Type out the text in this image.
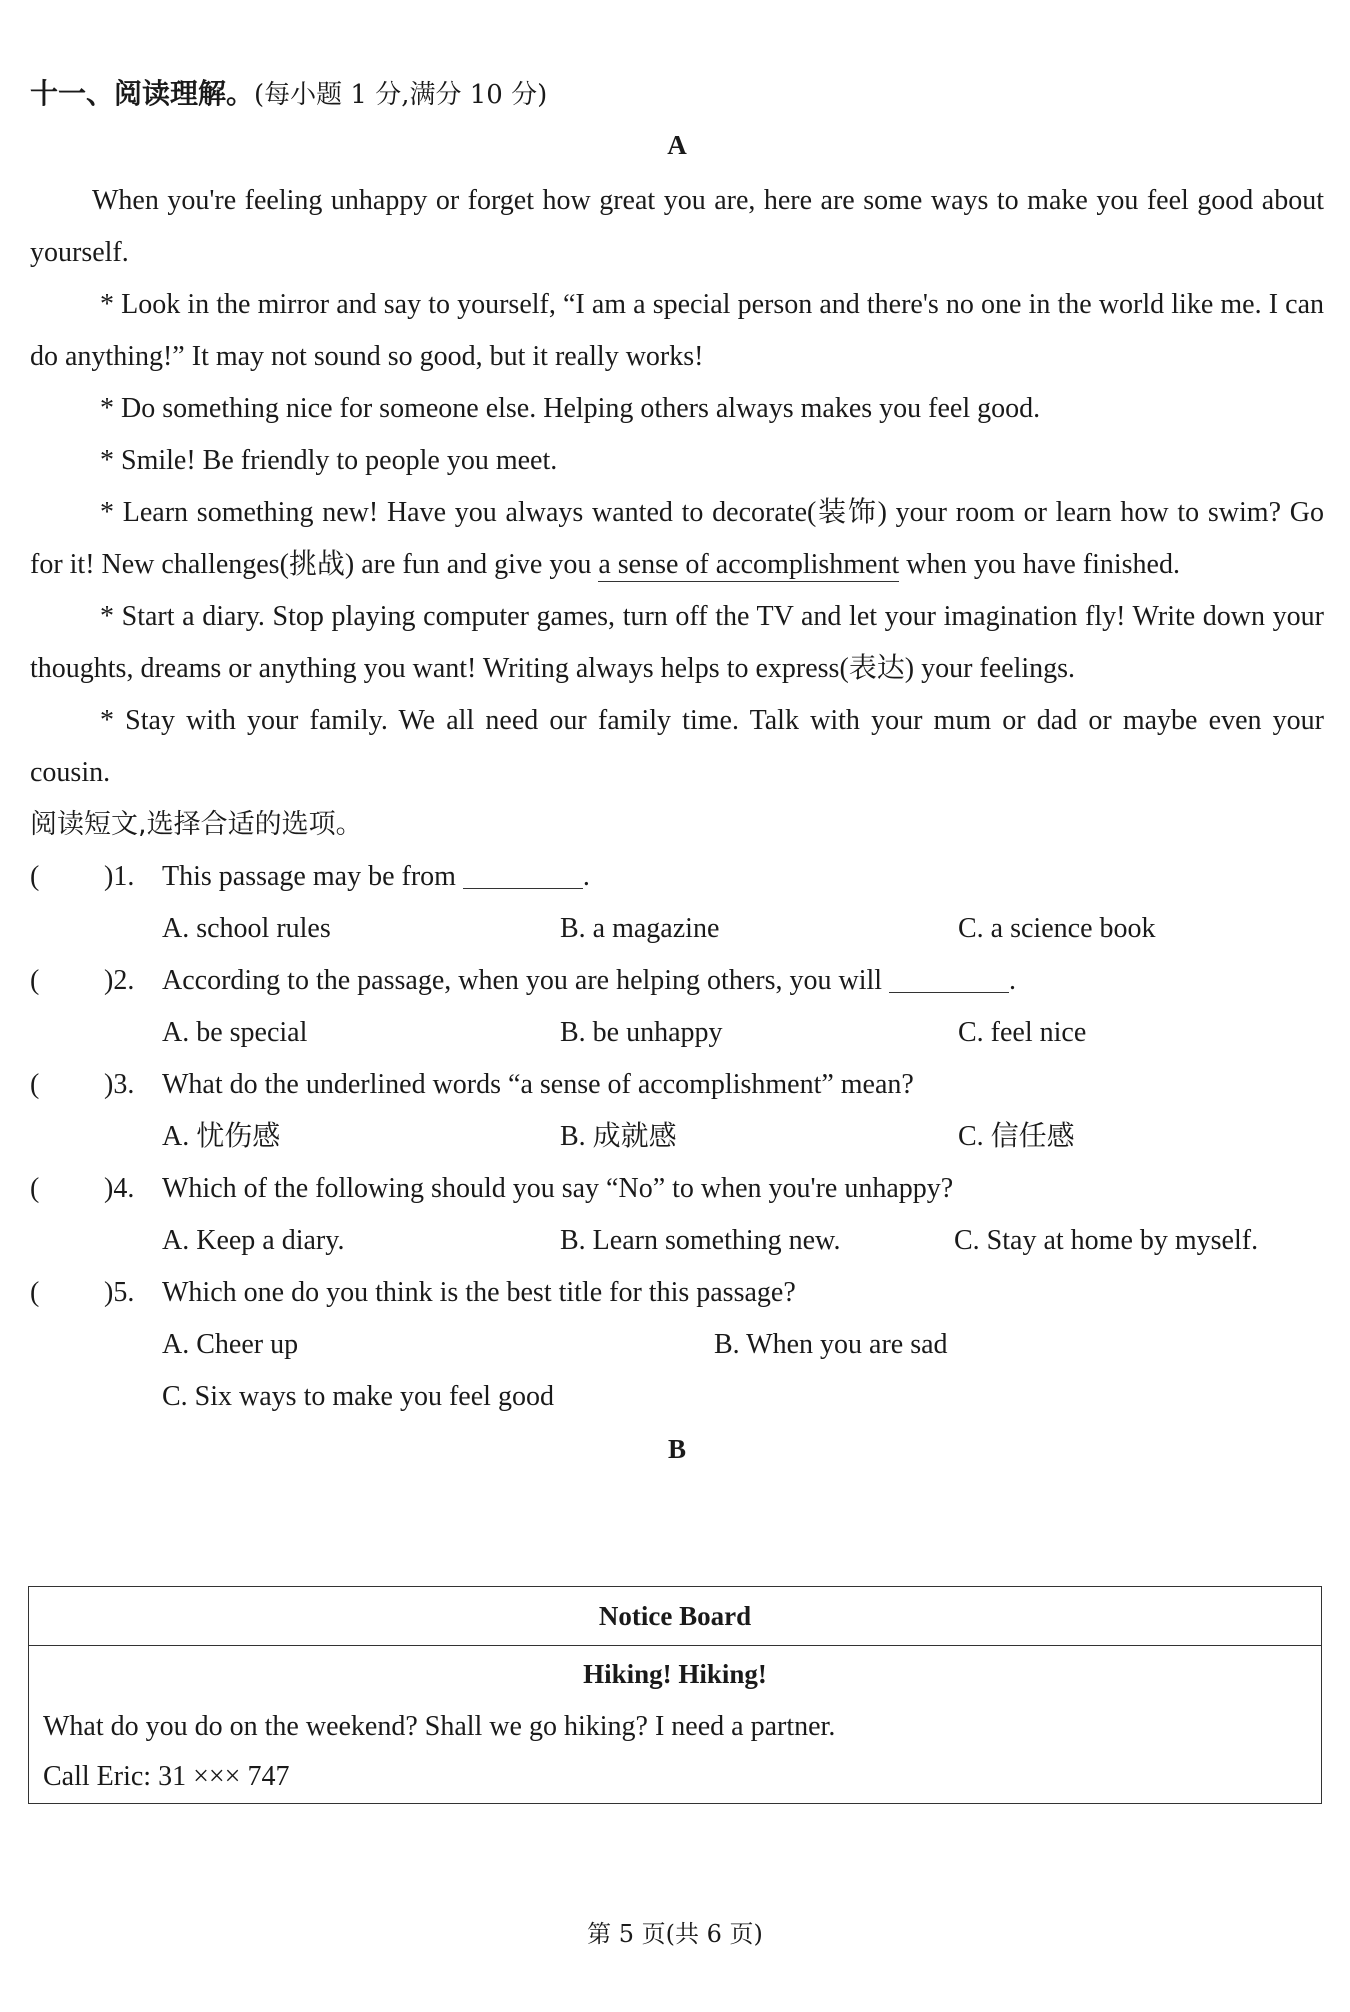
十一、阅读理解。(每小题 1 分,满分 10 分)
A

When you're feeling unhappy or forget how great you are, here are some ways to make you feel good about yourself.

* Look in the mirror and say to yourself, “I am a special person and there's no one in the world like me. I can do anything!” It may not sound so good, but it really works!

* Do something nice for someone else. Helping others always makes you feel good.

* Smile! Be friendly to people you meet.

* Learn something new! Have you always wanted to decorate(装饰) your room or learn how to swim? Go for it! New challenges(挑战) are fun and give you a sense of accomplishment when you have finished.

* Start a diary. Stop playing computer games, turn off the TV and let your imagination fly! Write down your thoughts, dreams or anything you want! Writing always helps to express(表达) your feelings.

* Stay with your family. We all need our family time. Talk with your mum or dad or maybe even your cousin.

阅读短文,选择合适的选项。
( )1. This passage may be from	.
A. school rules	B. a magazine	C. a science book
( )2. According to the passage, when you are helping others, you will	.
A. be special	B. be unhappy	C. feel nice
( )3. What do the underlined words “a sense of accomplishment” mean?
A. 忧伤感	B. 成就感	C. 信任感
( )4. Which of the following should you say “No” to when you're unhappy?
A. Keep a diary.	B. Learn something new.	C. Stay at home by myself.
( )5. Which one do you think is the best title for this passage?
A. Cheer up	B. When you are sad
C. Six ways to make you feel good
B
Notice Board
Hiking! Hiking!
What do you do on the weekend? Shall we go hiking? I need a partner.
Call Eric: 31 ××× 747
第 5 页(共 6 页)
